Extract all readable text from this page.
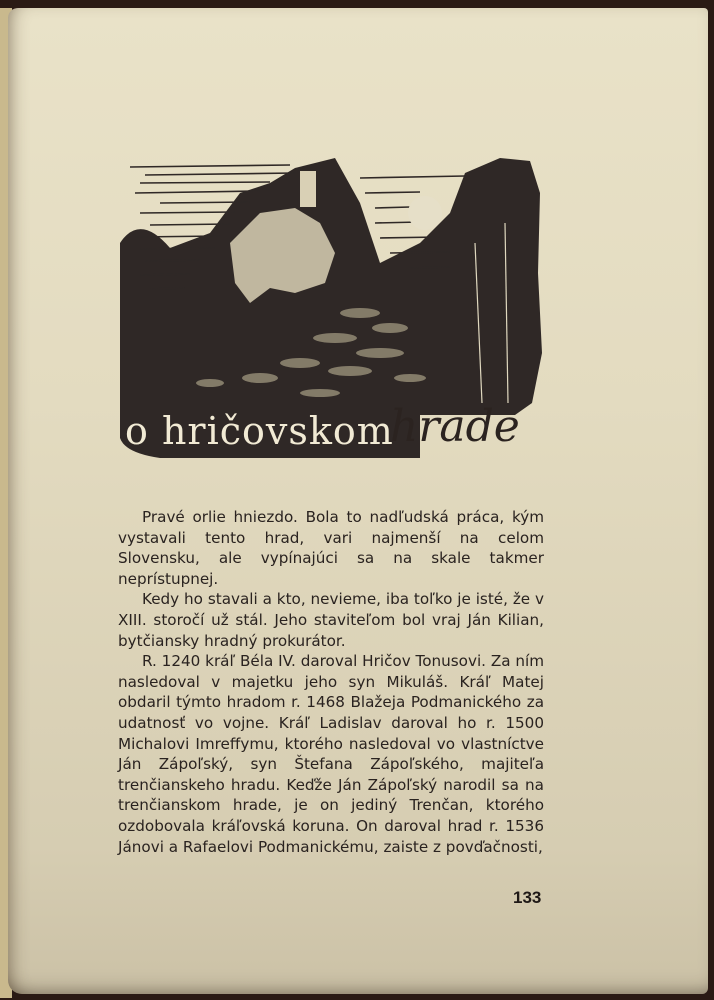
o hričovskom
hrade

Pravé orlie hniezdo. Bola to nadľudská práca, kým vystavali tento hrad, vari najmenší na celom Slovensku, ale vypínajúci sa na skale takmer neprístupnej.

Kedy ho stavali a kto, nevieme, iba toľko je isté, že v XIII. storočí už stál. Jeho staviteľom bol vraj Ján Kilian, bytčiansky hradný prokurátor.

R. 1240 kráľ Béla IV. daroval Hričov Tonusovi. Za ním nasledoval v majetku jeho syn Mikuláš. Kráľ Matej obdaril týmto hradom r. 1468 Blažeja Podmanického za udatnosť vo vojne. Kráľ Ladislav daroval ho r. 1500 Michalovi Imreffymu, ktorého nasledoval vo vlastníctve Ján Zápoľský, syn Štefana Zápoľského, majiteľa trenčianskeho hradu. Keďže Ján Zápoľský narodil sa na trenčianskom hrade, je on jediný Trenčan, ktorého ozdobovala kráľovská koruna. On daroval hrad r. 1536 Jánovi a Rafaelovi Podmanickému, zaiste z povďačnosti,

133
